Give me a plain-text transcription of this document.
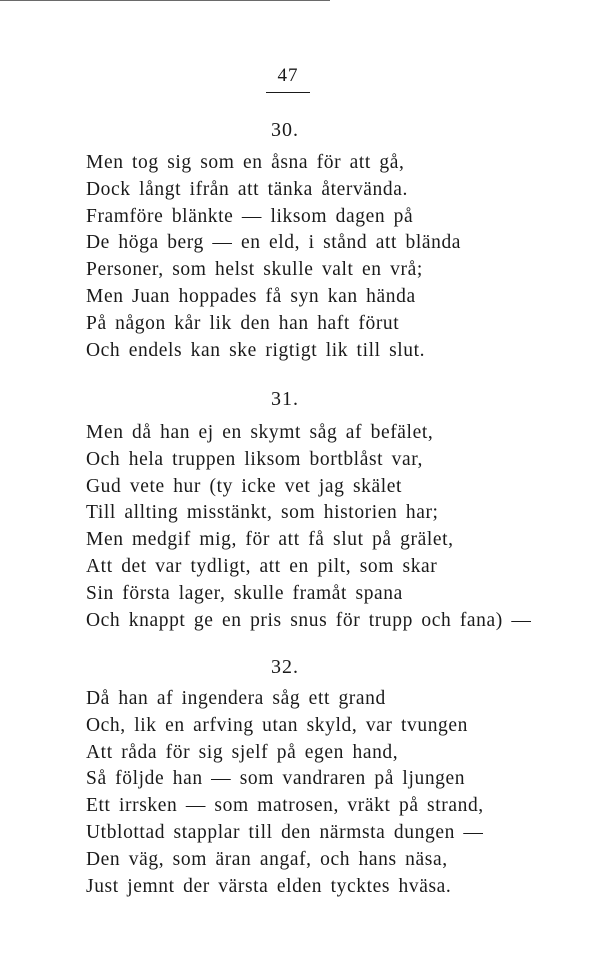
47
30.
Men tog sig som en åsna för att gå,
Dock långt ifrån att tänka återvända.
Framföre blänkte — liksom dagen på
De höga berg — en eld, i stånd att blända
Personer, som helst skulle valt en vrå;
Men Juan hoppades få syn kan hända
På någon kår lik den han haft förut
Och endels kan ske rigtigt lik till slut.
31.
Men då han ej en skymt såg af befälet,
Och hela truppen liksom bortblåst var,
Gud vete hur (ty icke vet jag skälet
Till allting misstänkt, som historien har;
Men medgif mig, för att få slut på grälet,
Att det var tydligt, att en pilt, som skar
Sin första lager, skulle framåt spana
Och knappt ge en pris snus för trupp och fana) —
32.
Då han af ingendera såg ett grand
Och, lik en arfving utan skyld, var tvungen
Att råda för sig sjelf på egen hand,
Så följde han — som vandraren på ljungen
Ett irrsken — som matrosen, vräkt på strand,
Utblottad stapplar till den närmsta dungen —
Den väg, som äran angaf, och hans näsa,
Just jemnt der värsta elden tycktes hväsa.
